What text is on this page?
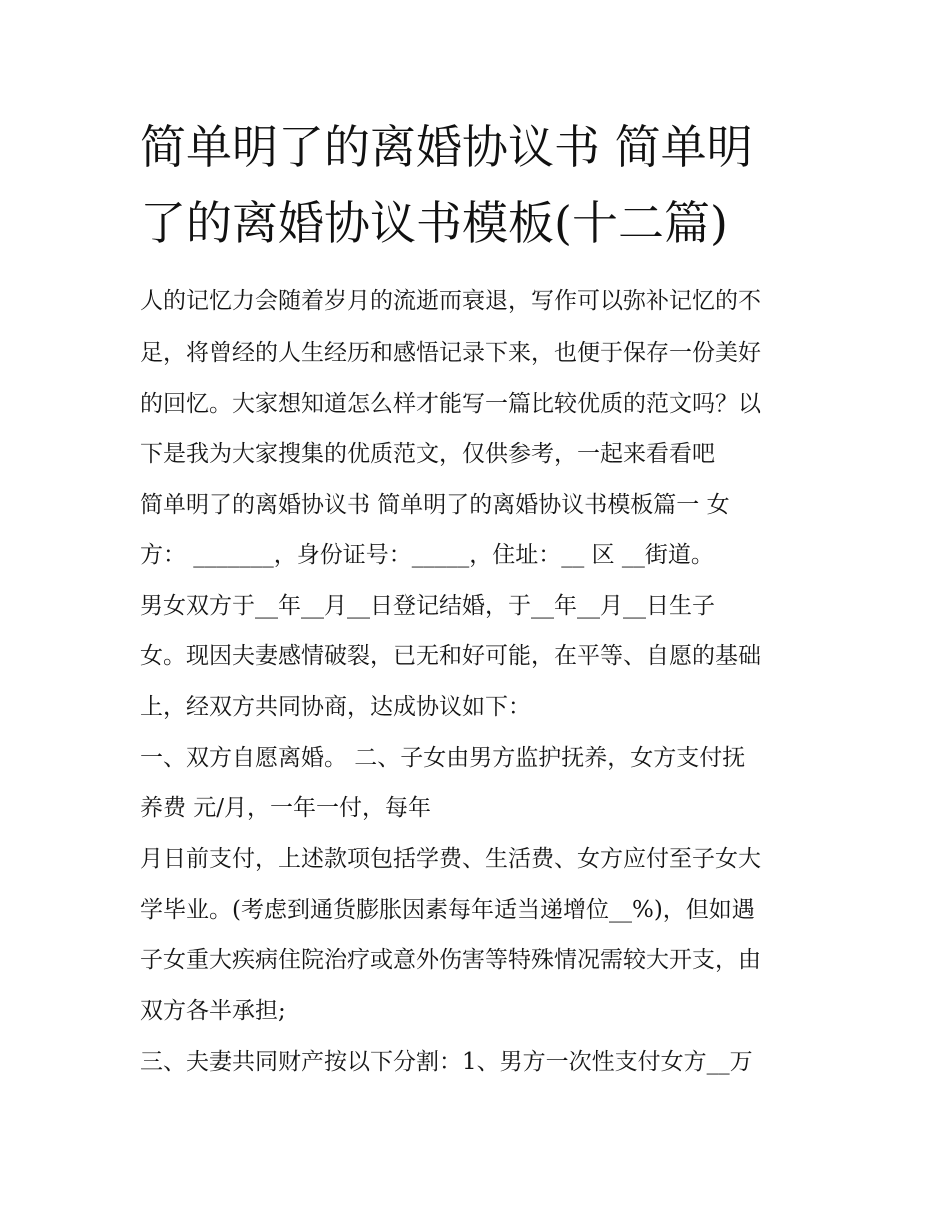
简单明了的离婚协议书 简单明
了的离婚协议书模板(十二篇)

人的记忆力会随着岁月的流逝而衰退，写作可以弥补记忆的不

足，将曾经的人生经历和感悟记录下来，也便于保存一份美好

的回忆。大家想知道怎么样才能写一篇比较优质的范文吗？以

下是我为大家搜集的优质范文，仅供参考，一起来看看吧

简单明了的离婚协议书 简单明了的离婚协议书模板篇一 女

方： _______，身份证号：_____，住址：__ 区 __街道。

男女双方于__年__月__日登记结婚，于__年__月__日生子

女。现因夫妻感情破裂，已无和好可能，在平等、自愿的基础

上，经双方共同协商，达成协议如下：

一、双方自愿离婚。 二、子女由男方监护抚养，女方支付抚

养费 元/月，一年一付，每年

月日前支付，上述款项包括学费、生活费、女方应付至子女大

学毕业。(考虑到通货膨胀因素每年适当递增位__%)，但如遇

子女重大疾病住院治疗或意外伤害等特殊情况需较大开支，由

双方各半承担;

三、夫妻共同财产按以下分割：1、男方一次性支付女方__万
